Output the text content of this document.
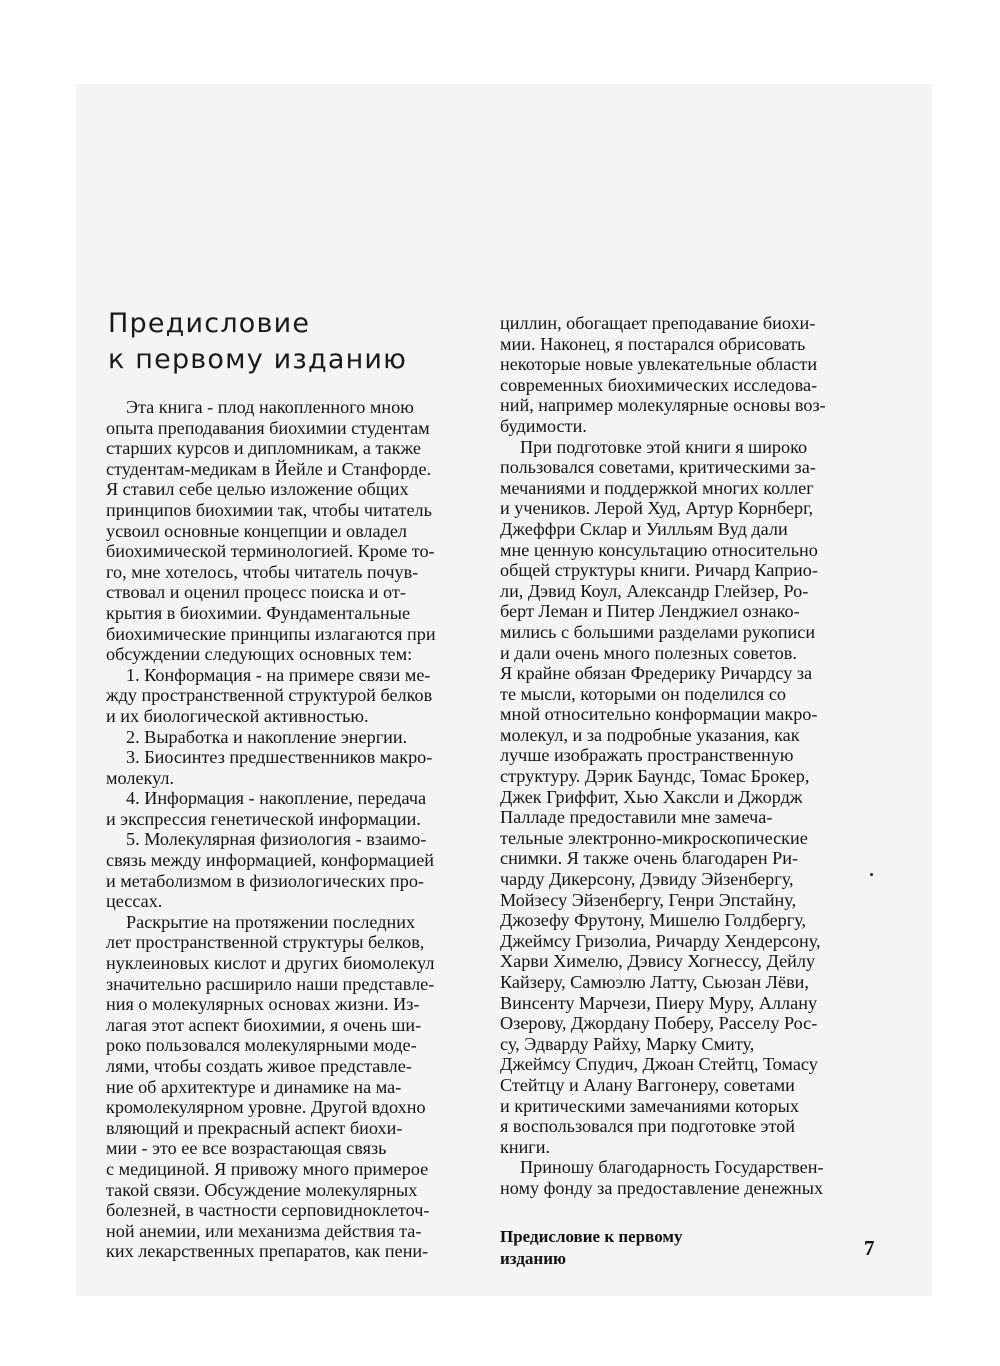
Предисловие
к первому изданию
Эта книга - плод накопленного мною
опыта преподавания биохимии студентам
старших курсов и дипломникам, а также
студентам-медикам в Йейле и Станфорде.
Я ставил себе целью изложение общих
принципов биохимии так, чтобы читатель
усвоил основные концепции и овладел
биохимической терминологией. Кроме то-
го, мне хотелось, чтобы читатель почув-
ствовал и оценил процесс поиска и от-
крытия в биохимии. Фундаментальные
биохимические принципы излагаются при
обсуждении следующих основных тем:
1. Конформация - на примере связи ме-
жду пространственной структурой белков
и их биологической активностью.
2. Выработка и накопление энергии.
3. Биосинтез предшественников макро-
молекул.
4. Информация - накопление, передача
и экспрессия генетической информации.
5. Молекулярная физиология - взаимо-
связь между информацией, конформацией
и метаболизмом в физиологических про-
цессах.
Раскрытие на протяжении последних
лет пространственной структуры белков,
нуклеиновых кислот и других биомолекул
значительно расширило наши представле-
ния о молекулярных основах жизни. Из-
лагая этот аспект биохимии, я очень ши-
роко пользовался молекулярными моде-
лями, чтобы создать живое представле-
ние об архитектуре и динамике на ма-
кромолекулярном уровне. Другой вдохно
вляющий и прекрасный аспект биохи-
мии - это ее все возрастающая связь
с медициной. Я привожу много примерое
такой связи. Обсуждение молекулярных
болезней, в частности серповидноклеточ-
ной анемии, или механизма действия та-
ких лекарственных препаратов, как пени-
циллин, обогащает преподавание биохи-
мии. Наконец, я постарался обрисовать
некоторые новые увлекательные области
современных биохимических исследова-
ний, например молекулярные основы воз-
будимости.
При подготовке этой книги я широко
пользовался советами, критическими за-
мечаниями и поддержкой многих коллег
и учеников. Лерой Худ, Артур Корнберг,
Джеффри Склар и Уилльям Вуд дали
мне ценную консультацию относительно
общей структуры книги. Ричард Каприо-
ли, Дэвид Коул, Александр Глейзер, Ро-
берт Леман и Питер Ленджиел ознако-
мились с большими разделами рукописи
и дали очень много полезных советов.
Я крайне обязан Фредерику Ричардсу за
те мысли, которыми он поделился со
мной относительно конформации макро-
молекул, и за подробные указания, как
лучше изображать пространственную
структуру. Дэрик Баундс, Томас Брокер,
Джек Гриффит, Хью Хаксли и Джордж
Палладе предоставили мне замеча-
тельные электронно-микроскопические
снимки. Я также очень благодарен Ри-
чарду Дикерсону, Дэвиду Эйзенбергу,
Мойзесу Эйзенбергу, Генри Эпстайну,
Джозефу Фрутону, Мишелю Голдбергу,
Джеймсу Гризолиа, Ричарду Хендерсону,
Харви Химелю, Дэвису Хогнессу, Дейлу
Кайзеру, Самюэлю Латту, Сьюзан Лёви,
Винсенту Марчези, Пиеру Муру, Аллану
Озерову, Джордану Поберу, Расселу Рос-
су, Эдварду Райху, Марку Смиту,
Джеймсу Спудич, Джоан Стейтц, Томасу
Стейтцу и Алану Ваггонеру, советами
и критическими замечаниями которых
я воспользовался при подготовке этой
книги.
Приношу благодарность Государствен-
ному фонду за предоставление денежных
Предисловие к первому
изданию	7
